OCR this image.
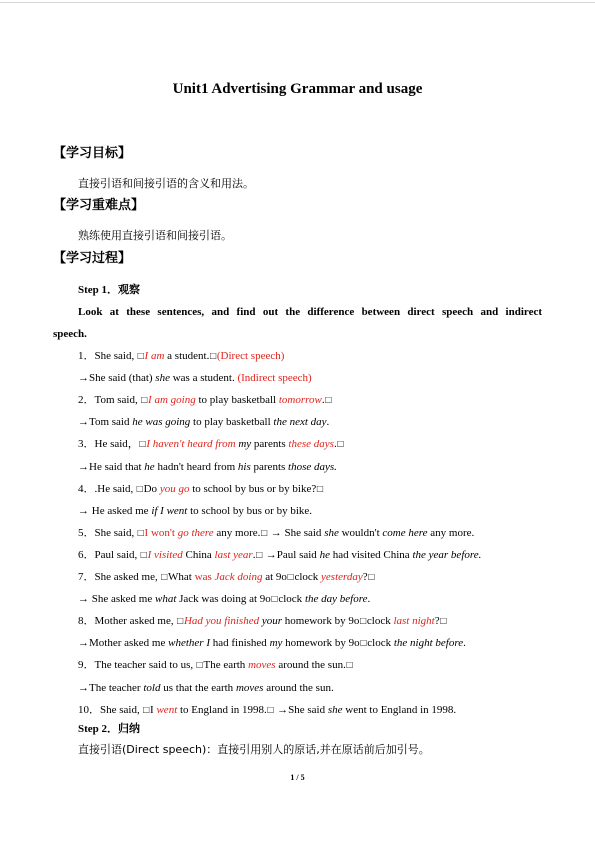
Unit1 Advertising Grammar and usage
【学习目标】
直接引语和间接引语的含义和用法。
【学习重难点】
熟练使用直接引语和间接引语。
【学习过程】
Step 1．观察
Look at these sentences, and find out the difference between direct speech and indirect
speech.
1．She said, □I am a student.□(Direct speech)
→She said (that) she was a student. (Indirect speech)
2．Tom said, □I am going to play basketball tomorrow.□
→Tom said he was going to play basketball the next day.
3．He said，□I haven't heard from my parents these days.□
→He said that he hadn't heard from his parents those days.
4．.He said, □Do you go to school by bus or by bike?□
→ He asked me if I went to school by bus or by bike.
5．She said, □I won't go there any more.□ → She said she wouldn't come here any more.
6．Paul said, □I visited China last year.□ →Paul said he had visited China the year before.
7．She asked me, □What was Jack doing at 9o□clock yesterday?□
→ She asked me what Jack was doing at 9o□clock the day before.
8．Mother asked me, □Had you finished your homework by 9o□clock last night?□
→Mother asked me whether I had finished my homework by 9o□clock the night before.
9．The teacher said to us, □The earth moves around the sun.□
→The teacher told us that the earth moves around the sun.
10．She said, □I went to England in 1998.□ →She said she went to England in 1998.
Step 2．归纳
直接引语(Direct speech)：直接引用别人的原话,并在原话前后加引号。
1 / 5
